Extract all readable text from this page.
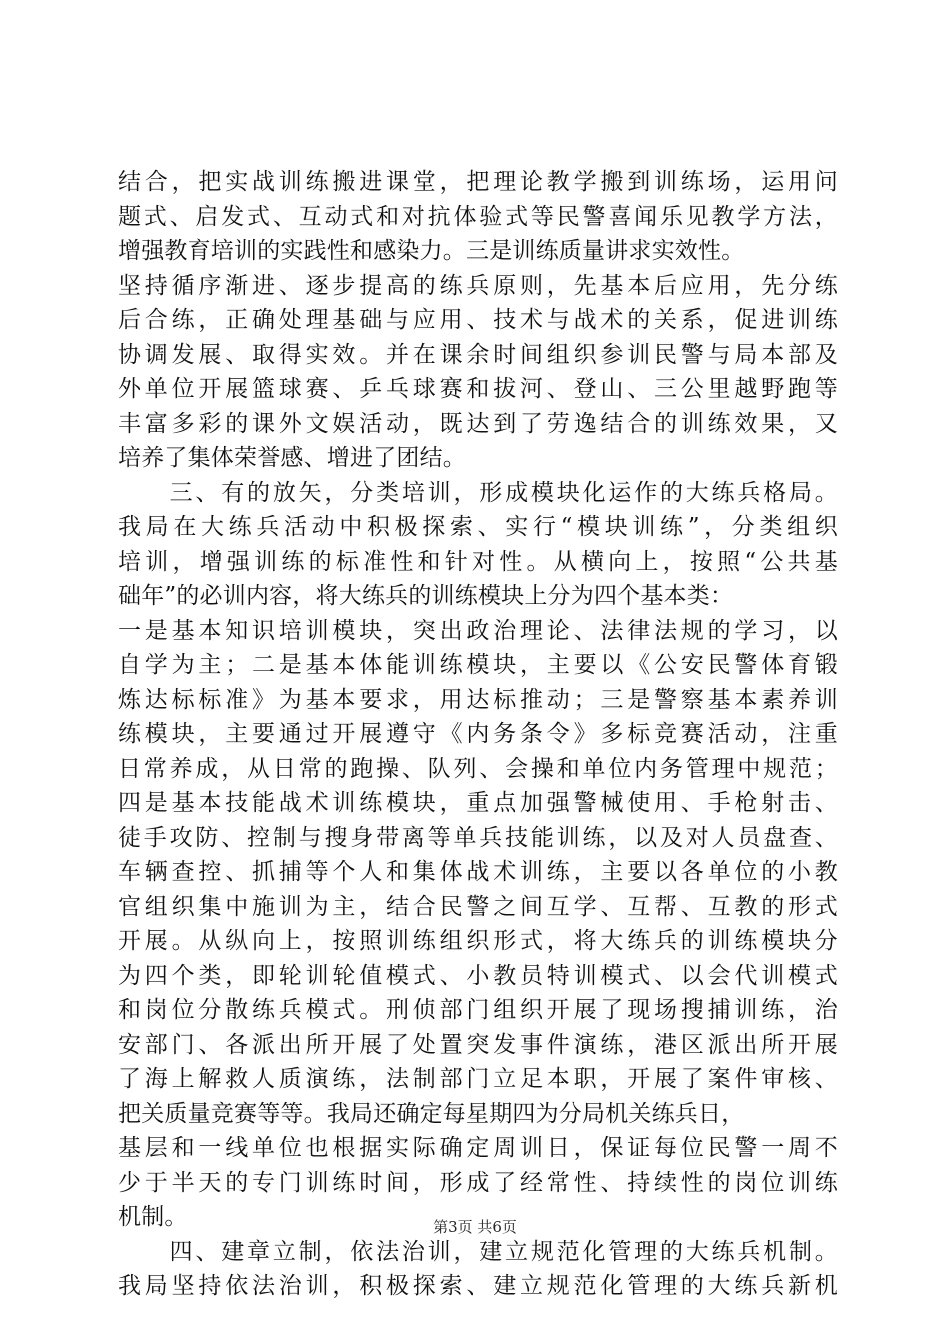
结合，把实战训练搬进课堂，把理论教学搬到训练场，运用问
题式、启发式、互动式和对抗体验式等民警喜闻乐见教学方法，
增强教育培训的实践性和感染力。三是训练质量讲求实效性。
坚持循序渐进、逐步提高的练兵原则，先基本后应用，先分练
后合练，正确处理基础与应用、技术与战术的关系，促进训练
协调发展、取得实效。并在课余时间组织参训民警与局本部及
外单位开展篮球赛、乒乓球赛和拔河、登山、三公里越野跑等
丰富多彩的课外文娱活动，既达到了劳逸结合的训练效果，又
培养了集体荣誉感、增进了团结。
　　三、有的放矢，分类培训，形成模块化运作的大练兵格局。
我局在大练兵活动中积极探索、实行“模块训练”，分类组织
培训，增强训练的标准性和针对性。从横向上，按照“公共基
础年”的必训内容，将大练兵的训练模块上分为四个基本类：
一是基本知识培训模块，突出政治理论、法律法规的学习，以
自学为主；二是基本体能训练模块，主要以《公安民警体育锻
炼达标标准》为基本要求，用达标推动；三是警察基本素养训
练模块，主要通过开展遵守《内务条令》多标竞赛活动，注重
日常养成，从日常的跑操、队列、会操和单位内务管理中规范；
四是基本技能战术训练模块，重点加强警械使用、手枪射击、
徒手攻防、控制与搜身带离等单兵技能训练，以及对人员盘查、
车辆查控、抓捕等个人和集体战术训练，主要以各单位的小教
官组织集中施训为主，结合民警之间互学、互帮、互教的形式
开展。从纵向上，按照训练组织形式，将大练兵的训练模块分
为四个类，即轮训轮值模式、小教员特训模式、以会代训模式
和岗位分散练兵模式。刑侦部门组织开展了现场搜捕训练，治
安部门、各派出所开展了处置突发事件演练，港区派出所开展
了海上解救人质演练，法制部门立足本职，开展了案件审核、
把关质量竞赛等等。我局还确定每星期四为分局机关练兵日，
基层和一线单位也根据实际确定周训日，保证每位民警一周不
少于半天的专门训练时间，形成了经常性、持续性的岗位训练
机制。
　　四、建章立制，依法治训，建立规范化管理的大练兵机制。
我局坚持依法治训，积极探索、建立规范化管理的大练兵新机
第3页 共6页
